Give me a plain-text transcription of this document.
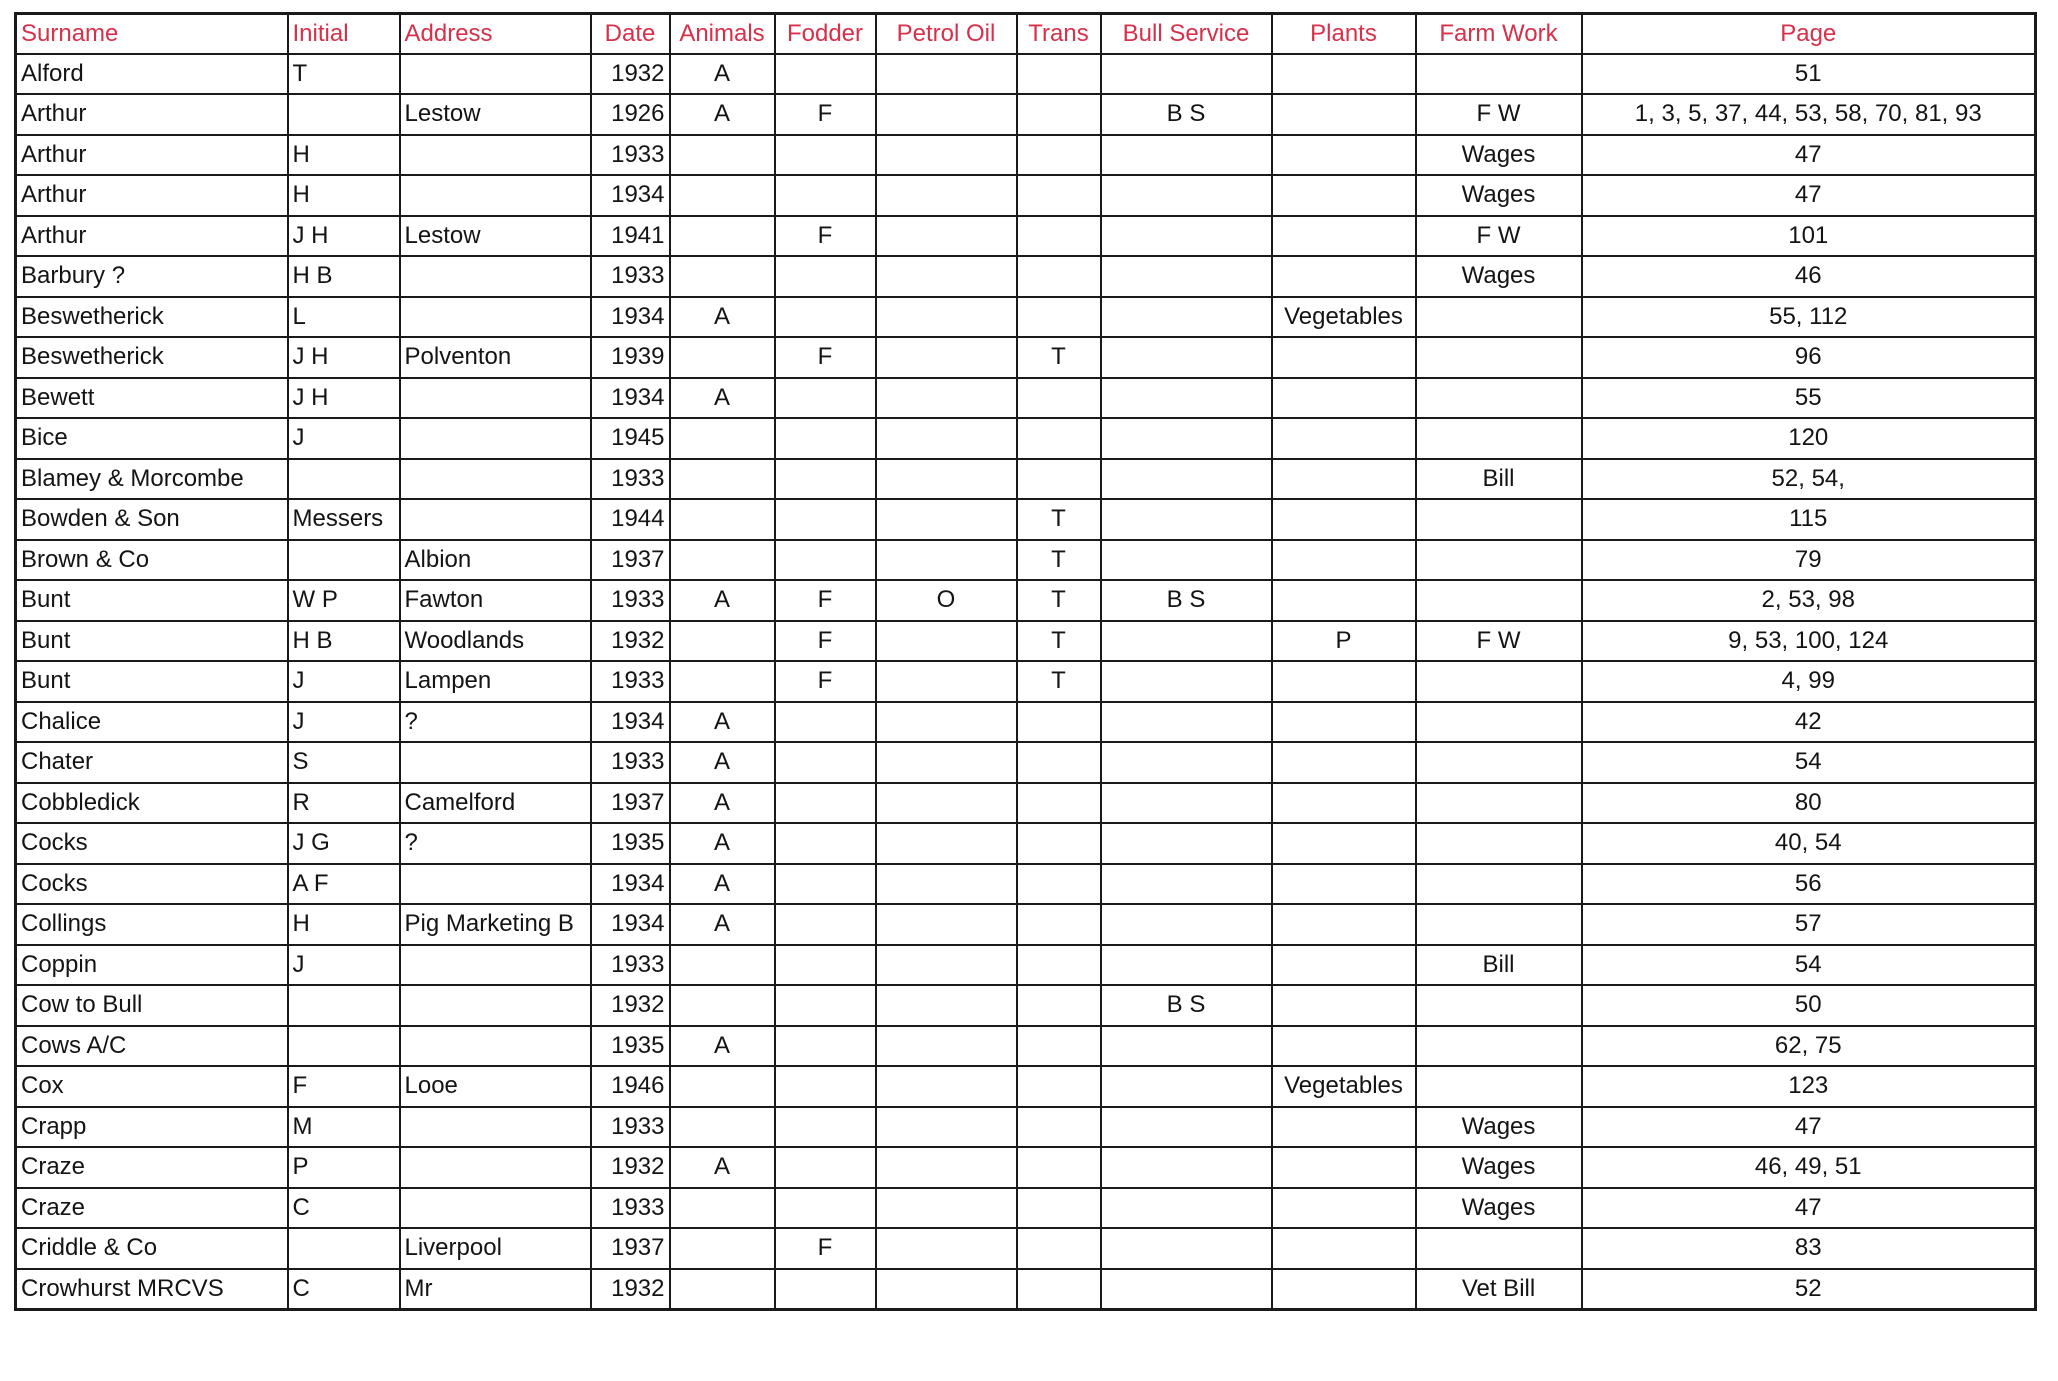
Surname	Initial	Address	Date	Animals	Fodder	Petrol Oil	Trans	Bull Service	Plants	Farm Work	Page
Alford	T		1932	A							51
Arthur		Lestow	1926	A	F			B S		F W	1, 3, 5, 37, 44, 53, 58, 70, 81, 93
Arthur	H		1933							Wages	47
Arthur	H		1934							Wages	47
Arthur	J H	Lestow	1941		F					F W	101
Barbury ?	H B		1933							Wages	46
Beswetherick	L		1934	A					Vegetables		55, 112
Beswetherick	J H	Polventon	1939		F		T				96
Bewett	J H		1934	A							55
Bice	J		1945								120
Blamey & Morcombe			1933							Bill	52, 54,
Bowden & Son	Messers		1944				T				115
Brown & Co		Albion	1937				T				79
Bunt	W P	Fawton	1933	A	F	O	T	B S			2, 53, 98
Bunt	H B	Woodlands	1932		F		T		P	F W	9, 53, 100, 124
Bunt	J	Lampen	1933		F		T				4, 99
Chalice	J	?	1934	A							42
Chater	S		1933	A							54
Cobbledick	R	Camelford	1937	A							80
Cocks	J G	?	1935	A							40, 54
Cocks	A F		1934	A							56
Collings	H	Pig Marketing B	1934	A							57
Coppin	J		1933							Bill	54
Cow to Bull			1932					B S			50
Cows A/C			1935	A							62, 75
Cox	F	Looe	1946						Vegetables		123
Crapp	M		1933							Wages	47
Craze	P		1932	A						Wages	46, 49, 51
Craze	C		1933							Wages	47
Criddle & Co		Liverpool	1937		F						83
Crowhurst MRCVS	C	Mr	1932							Vet Bill	52
